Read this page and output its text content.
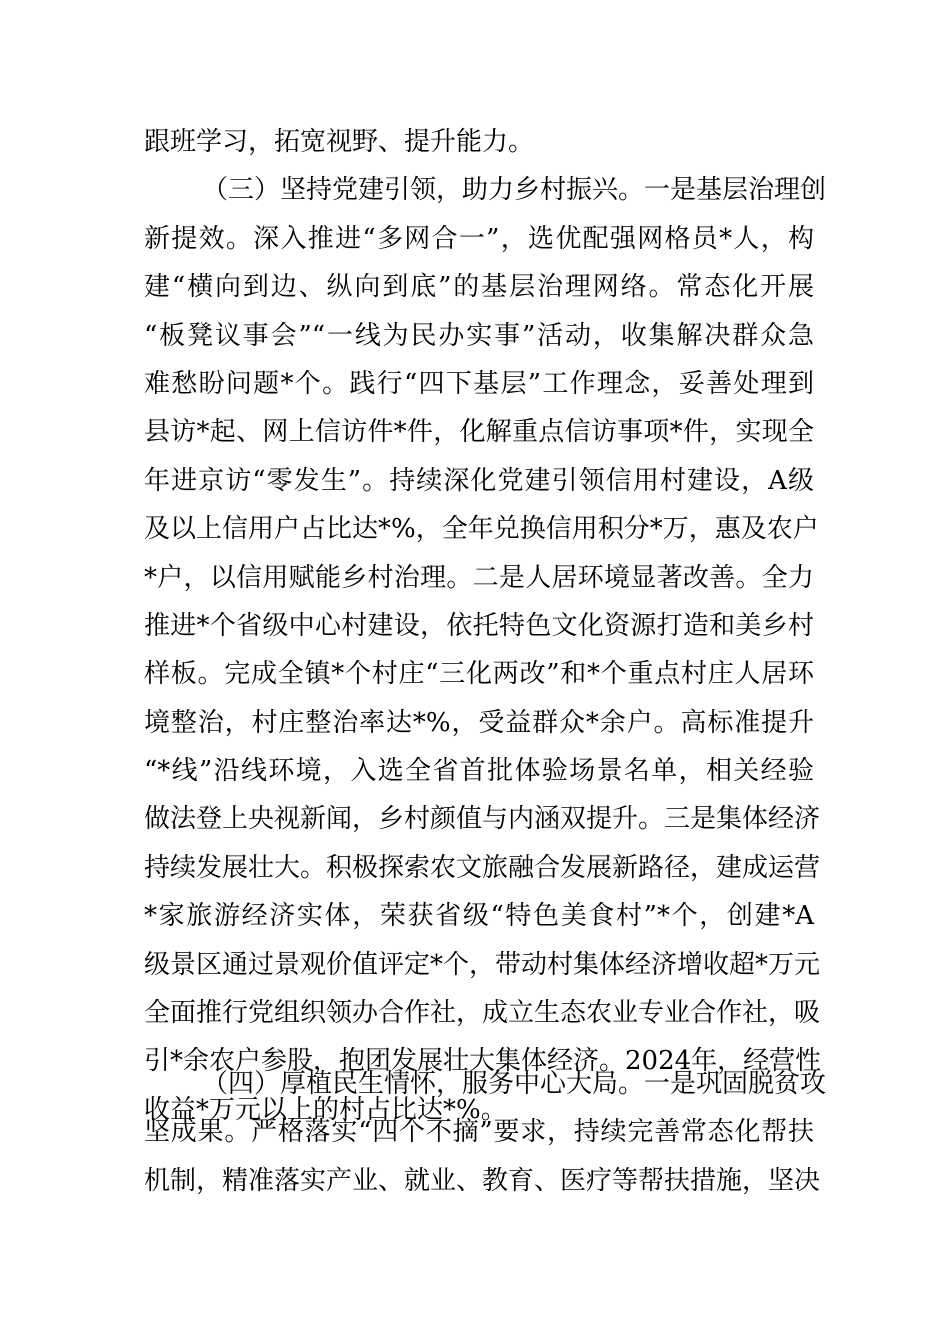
跟班学习，拓宽视野、提升能力。
（三）坚持党建引领，助力乡村振兴。一是基层治理创
新提效。深入推进“多网合一”，选优配强网格员*人，构
建“横向到边、纵向到底”的基层治理网络。常态化开展
“板凳议事会”“一线为民办实事”活动，收集解决群众急
难愁盼问题*个。践行“四下基层”工作理念，妥善处理到
县访*起、网上信访件*件，化解重点信访事项*件，实现全
年进京访“零发生”。持续深化党建引领信用村建设，A级
及以上信用户占比达*%，全年兑换信用积分*万，惠及农户
*户，以信用赋能乡村治理。二是人居环境显著改善。全力
推进*个省级中心村建设，依托特色文化资源打造和美乡村
样板。完成全镇*个村庄“三化两改”和*个重点村庄人居环
境整治，村庄整治率达*%，受益群众*余户。高标准提升
“*线”沿线环境，入选全省首批体验场景名单，相关经验
做法登上央视新闻，乡村颜值与内涵双提升。三是集体经济
持续发展壮大。积极探索农文旅融合发展新路径，建成运营
*家旅游经济实体，荣获省级“特色美食村”*个，创建*A
级景区通过景观价值评定*个，带动村集体经济增收超*万元
全面推行党组织领办合作社，成立生态农业专业合作社，吸
引*余农户参股，抱团发展壮大集体经济。2024年，经营性
收益*万元以上的村占比达*%。
（四）厚植民生情怀，服务中心大局。一是巩固脱贫攻
坚成果。严格落实“四个不摘”要求，持续完善常态化帮扶
机制，精准落实产业、就业、教育、医疗等帮扶措施，坚决
